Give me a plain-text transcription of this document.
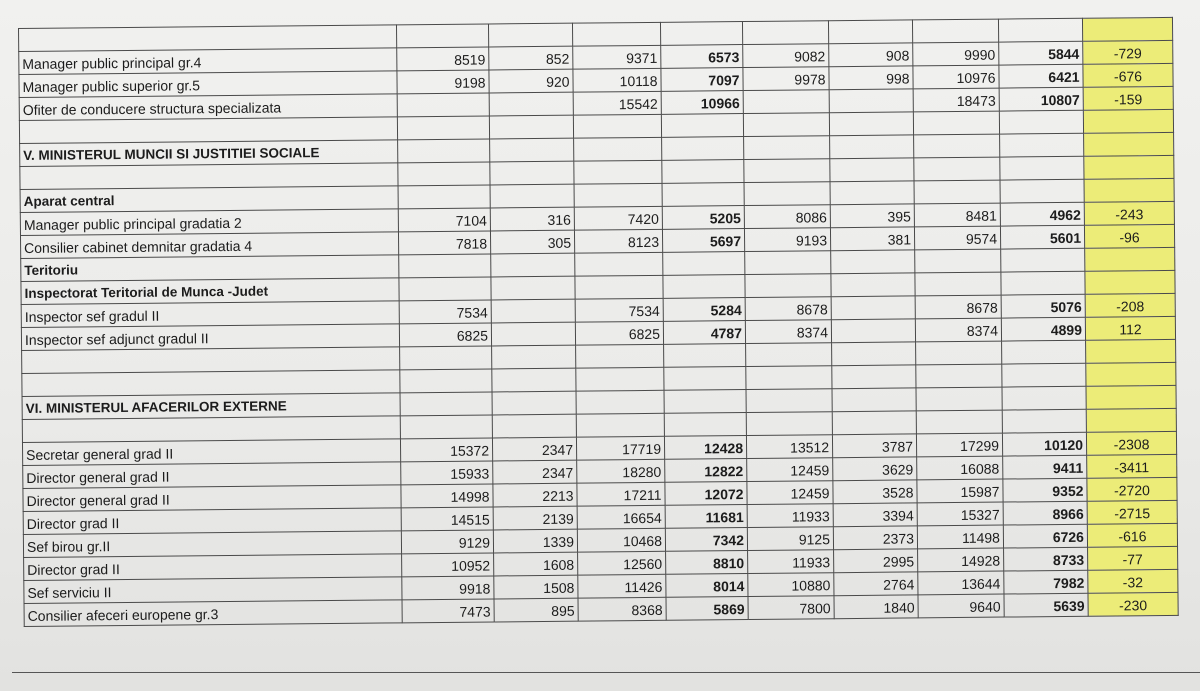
Manager public principal gr.4	8519	852	9371	6573	9082	908	9990	5844	-729
Manager public superior gr.5	9198	920	10118	7097	9978	998	10976	6421	-676
Ofiter de conducere structura specializata			15542	10966			18473	10807	-159

V. MINISTERUL MUNCII SI JUSTITIEI SOCIALE									

Aparat central									
Manager public principal gradatia 2	7104	316	7420	5205	8086	395	8481	4962	-243
Consilier cabinet demnitar gradatia 4	7818	305	8123	5697	9193	381	9574	5601	-96
Teritoriu									
Inspectorat Teritorial de Munca -Judet									
Inspector sef gradul II	7534		7534	5284	8678		8678	5076	-208
Inspector sef adjunct gradul II	6825		6825	4787	8374		8374	4899	112

VI. MINISTERUL AFACERILOR EXTERNE									

Secretar general grad II	15372	2347	17719	12428	13512	3787	17299	10120	-2308
Director general grad II	15933	2347	18280	12822	12459	3629	16088	9411	-3411
Director general grad II	14998	2213	17211	12072	12459	3528	15987	9352	-2720
Director grad II	14515	2139	16654	11681	11933	3394	15327	8966	-2715
Sef birou gr.II	9129	1339	10468	7342	9125	2373	11498	6726	-616
Director grad II	10952	1608	12560	8810	11933	2995	14928	8733	-77
Sef serviciu II	9918	1508	11426	8014	10880	2764	13644	7982	-32
Consilier afeceri europene gr.3	7473	895	8368	5869	7800	1840	9640	5639	-230
